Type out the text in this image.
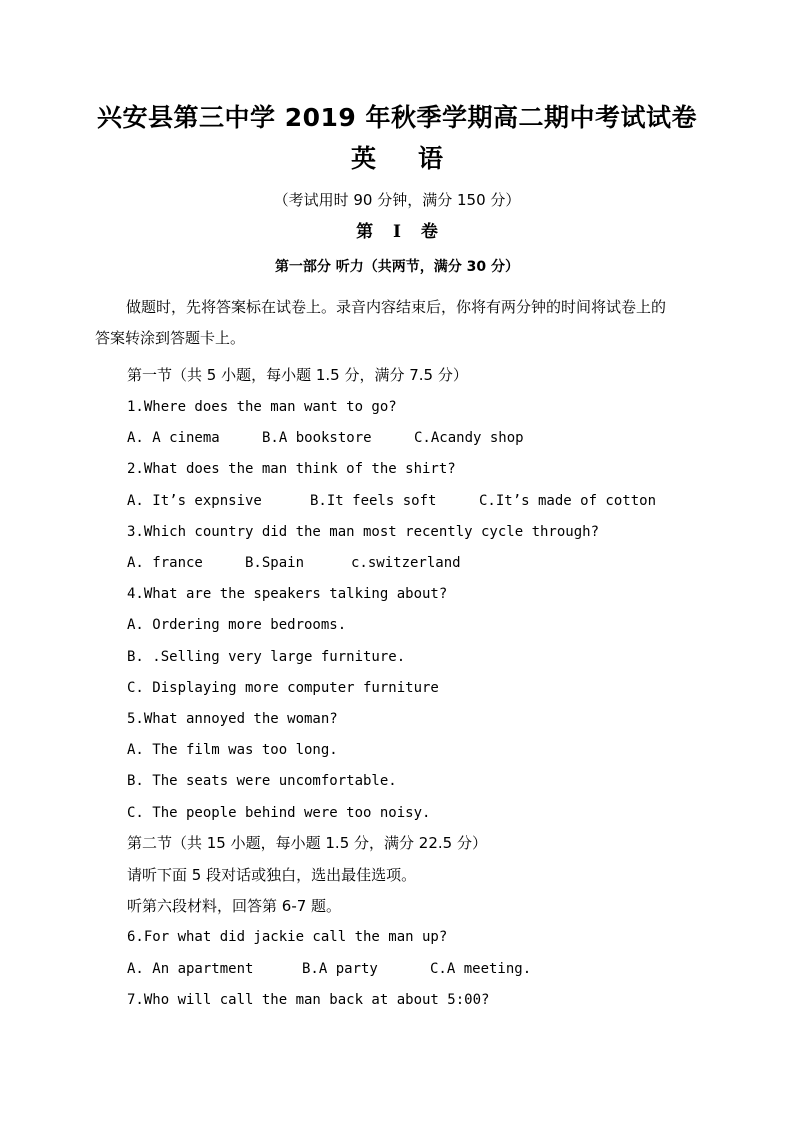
兴安县第三中学 2019 年秋季学期高二期中考试试卷
英 语
（考试用时 90 分钟，满分 150 分）
第 I 卷
第一部分 听力（共两节，满分 30 分）
做题时，先将答案标在试卷上。录音内容结束后，你将有两分钟的时间将试卷上的
答案转涂到答题卡上。
第一节（共 5 小题，每小题 1.5 分，满分 7.5 分）
1.Where does the man want to go?
A. A cinema	B.A bookstore	C.Acandy shop
2.What does the man think of the shirt?
A. It’s expnsive	B.It feels soft	C.It’s made of cotton
3.Which country did the man most recently cycle through?
A. france	B.Spain	c.switzerland
4.What are the speakers talking about?
A. Ordering more bedrooms.
B. .Selling very large furniture.
C. Displaying more computer furniture
5.What annoyed the woman?
A. The film was too long.
B. The seats were uncomfortable.
C. The people behind were too noisy.
第二节（共 15 小题，每小题 1.5 分，满分 22.5 分）
请听下面 5 段对话或独白，选出最佳选项。
听第六段材料，回答第 6-7 题。
6.For what did jackie call the man up?
A. An apartment	B.A party	C.A meeting.
7.Who will call the man back at about 5:00?
